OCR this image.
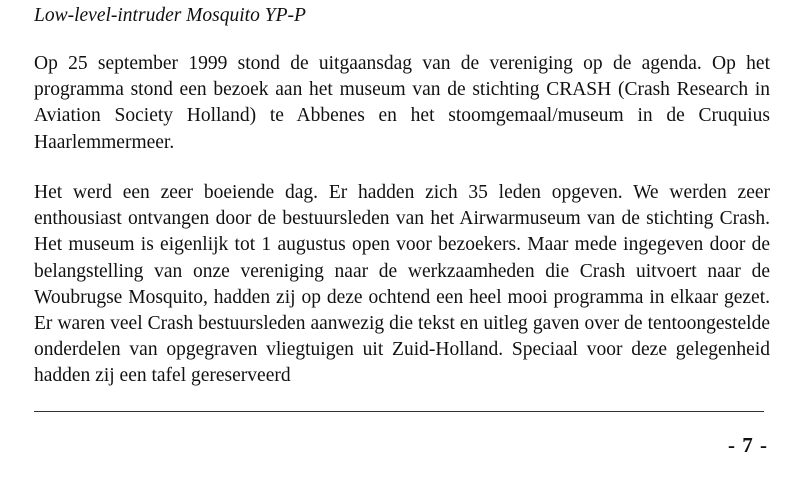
Low-level-intruder Mosquito YP-P

Op 25 september 1999 stond de uitgaansdag van de vereniging op de agenda. Op het programma stond een bezoek aan het museum van de stichting CRASH (Crash Research in Aviation Society Holland) te Abbenes en het stoomgemaal/museum in de Cruquius Haarlemmermeer.

Het werd een zeer boeiende dag. Er hadden zich 35 leden opgeven. We werden zeer enthousiast ontvangen door de bestuursleden van het Airwarmuseum van de stichting Crash. Het museum is eigenlijk tot 1 augustus open voor bezoekers. Maar mede ingegeven door de belangstelling van onze vereniging naar de werkzaamheden die Crash uitvoert naar de Woubrugse Mosquito, hadden zij op deze ochtend een heel mooi programma in elkaar gezet. Er waren veel Crash bestuursleden aanwezig die tekst en uitleg gaven over de tentoongestelde onderdelen van opgegraven vliegtuigen uit Zuid-Holland. Speciaal voor deze gelegenheid hadden zij een tafel gereserveerd

- 7 -
